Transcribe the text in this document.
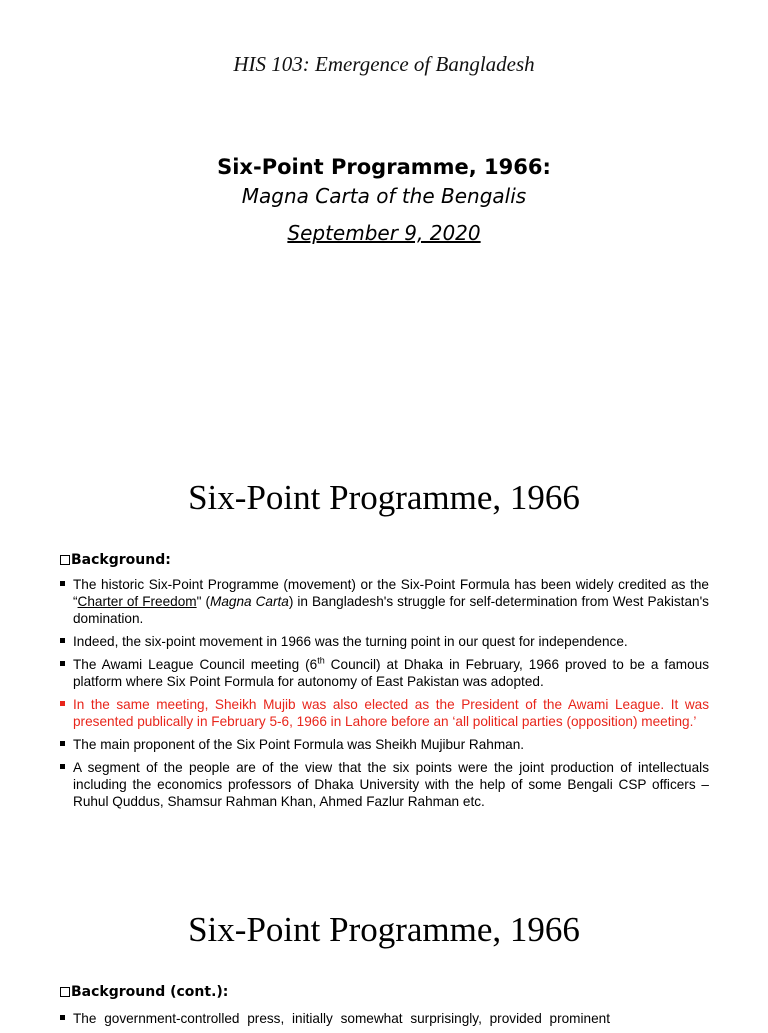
HIS 103: Emergence of Bangladesh
Six-Point Programme, 1966:
Magna Carta of the Bengalis
September 9, 2020
Six-Point Programme, 1966
Background:
The historic Six-Point Programme (movement) or the Six-Point Formula has been widely credited as the “Charter of Freedom" (Magna Carta) in Bangladesh's struggle for self-determination from West Pakistan's domination.
Indeed, the six-point movement in 1966 was the turning point in our quest for independence.
The Awami League Council meeting (6th Council) at Dhaka in February, 1966 proved to be a famous platform where Six Point Formula for autonomy of East Pakistan was adopted.
In the same meeting, Sheikh Mujib was also elected as the President of the Awami League. It was presented publically in February 5-6, 1966 in Lahore before an ‘all political parties (opposition) meeting.’
The main proponent of the Six Point Formula was Sheikh Mujibur Rahman.
A segment of the people are of the view that the six points were the joint production of intellectuals including the economics professors of Dhaka University with the help of some Bengali CSP officers – Ruhul Quddus, Shamsur Rahman Khan, Ahmed Fazlur Rahman etc.
Six-Point Programme, 1966
Background (cont.):
The government-controlled press, initially somewhat surprisingly, provided prominent
